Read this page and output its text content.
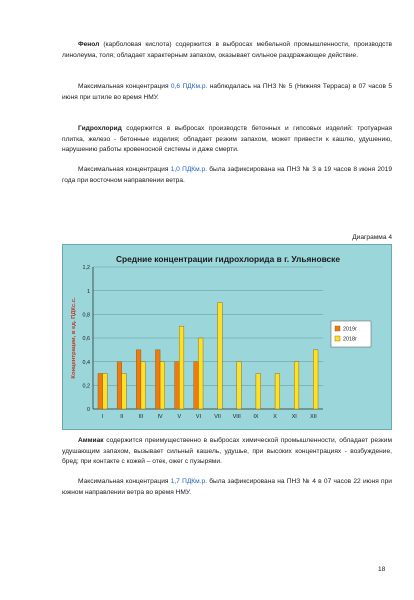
Фенол (карболовая кислота) содержится в выбросах мебельной промышленности, производств линолеума, толя; обладает характерным запахом, оказывает сильное раздражающее действие.

Максимальная концентрация 0,6 ПДКм.р. наблюдалась на ПНЗ № 5 (Нижняя Терраса) в 07 часов 5 июня при штиле во время НМУ.

Гидрохлорид содержится в выбросах производств бетонных и гипсовых изделий: тротуарная плитка, железо - бетонные изделия; обладает резким запахом, может привести к кашлю, удушению, нарушению работы кровеносной системы и даже смерти.

Максимальная концентрация 1,0 ПДКм.р. была зафиксирована на ПНЗ № 3 в 19 часов 8 июня 2019 года при восточном направлении ветра.

Диаграмма 4
Средние концентрации гидрохлорида в г. Ульяновске
0
0,2
0,4
0,6
0,8
1
1,2
Концентрации, в ед. ПДКс.с.
I	II	III	IV	V	VI VII VIII IX	X	XI XII
2019г
2018г

Аммиак содержится преимущественно в выбросах химической промышленности, обладает резким удушающим запахом, вызывает сильный кашель, удушье, при высоких концентрациях - возбуждение, бред; при контакте с кожей – отек, ожег с пузырями.

Максимальная концентрация 1,7 ПДКм.р. была зафиксирована на ПНЗ № 4 в 07 часов 22 июня при южном направлении ветра во время НМУ.

18
